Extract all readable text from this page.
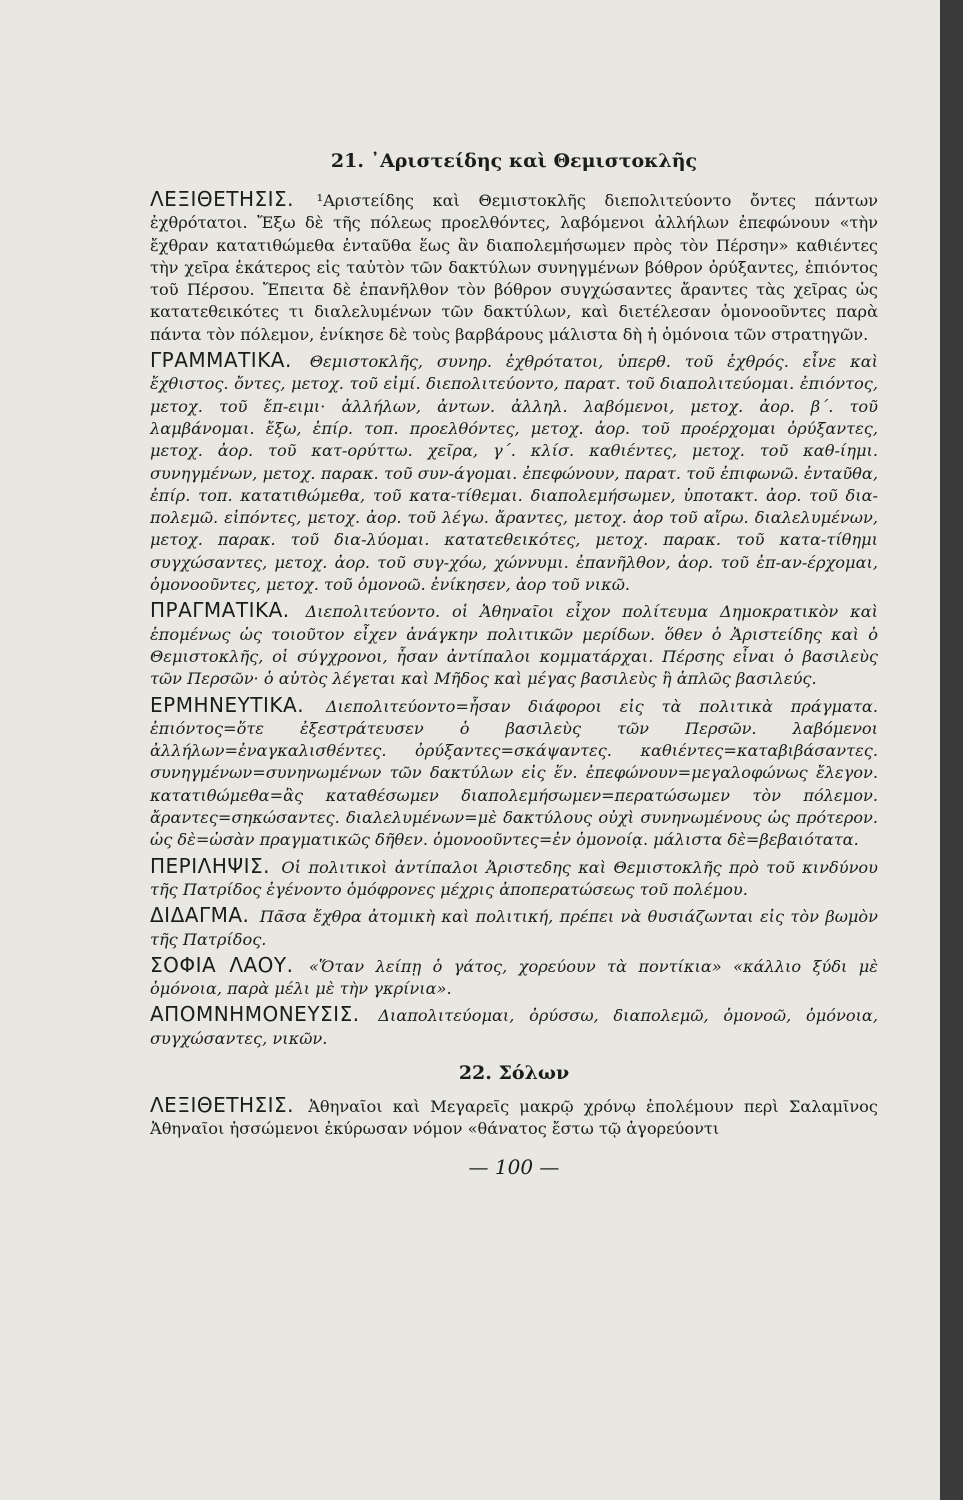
21. ᾿Αριστείδης καὶ Θεμιστοκλῆς

ΛΕΞΙΘΕΤΗΣΙΣ. ¹Αριστείδης καὶ Θεμιστοκλῆς διεπολιτεύοντο ὄντες πάντων ἐχθρότατοι. Ἔξω δὲ τῆς πόλεως προελθόντες, λαβόμενοι ἀλλήλων ἐπεφώνουν «τὴν ἔχθραν κατατιθώμεθα ἐνταῦθα ἕως ἂν διαπολεμήσωμεν πρὸς τὸν Πέρσην» καθιέντες τὴν χεῖρα ἑκάτερος εἰς ταὐτὸν τῶν δακτύλων συνηγμένων βόθρον ὀρύξαντες, ἐπιόντος τοῦ Πέρσου. Ἔπειτα δὲ ἐπανῆλθον τὸν βόθρον συγχώσαντες ἄραντες τὰς χεῖρας ὡς κατατεθεικότες τι διαλελυμένων τῶν δακτύλων, καὶ διετέλεσαν ὁμονοοῦντες παρὰ πάντα τὸν πόλεμον, ἐνίκησε δὲ τοὺς βαρβάρους μάλιστα δὴ ἡ ὁμόνοια τῶν στρατηγῶν.

ΓΡΑΜΜΑΤΙΚΑ. Θεμιστοκλῆς, συνηρ. ἐχθρότατοι, ὑπερθ. τοῦ ἐχθρός. εἶνε καὶ ἔχθιστος. ὄντες, μετοχ. τοῦ εἰμί. διεπολιτεύοντο, παρατ. τοῦ διαπολιτεύομαι. ἐπιόντος, μετοχ. τοῦ ἔπ-ειμι· ἀλλήλων, ἀντων. ἀλληλ. λαβόμενοι, μετοχ. ἀορ. β΄. τοῦ λαμβάνομαι. ἔξω, ἐπίρ. τοπ. προελθόντες, μετοχ. ἀορ. τοῦ προέρχομαι ὀρύξαντες, μετοχ. ἀορ. τοῦ κατ-ορύττω. χεῖρα, γ΄. κλίσ. καθιέντες, μετοχ. τοῦ καθ-ίημι. συνηγμένων, μετοχ. παρακ. τοῦ συν-άγομαι. ἐπεφώνουν, παρατ. τοῦ ἐπιφωνῶ. ἐνταῦθα, ἐπίρ. τοπ. κατατιθώμεθα, τοῦ κατα-τίθεμαι. διαπολεμήσωμεν, ὑποτακτ. ἀορ. τοῦ δια-πολεμῶ. εἰπόντες, μετοχ. ἀορ. τοῦ λέγω. ἄραντες, μετοχ. ἀορ τοῦ αἴρω. διαλελυμένων, μετοχ. παρακ. τοῦ δια-λύομαι. κατατεθεικότες, μετοχ. παρακ. τοῦ κατα-τίθημι συγχώσαντες, μετοχ. ἀορ. τοῦ συγ-χόω, χώννυμι. ἐπανῆλθον, ἀορ. τοῦ ἐπ-αν-έρχομαι, ὁμονοοῦντες, μετοχ. τοῦ ὁμονοῶ. ἐνίκησεν, ἀορ τοῦ νικῶ.

ΠΡΑΓΜΑΤΙΚΑ. Διεπολιτεύοντο. οἱ Ἀθηναῖοι εἶχον πολίτευμα Δημοκρατικὸν καὶ ἑπομένως ὡς τοιοῦτον εἶχεν ἀνάγκην πολιτικῶν μερίδων. ὅθεν ὁ Ἀριστείδης καὶ ὁ Θεμιστοκλῆς, οἱ σύγχρονοι, ἦσαν ἀντίπαλοι κομματάρχαι. Πέρσης εἶναι ὁ βασιλεὺς τῶν Περσῶν· ὁ αὐτὸς λέγεται καὶ Μῆδος καὶ μέγας βασιλεὺς ἢ ἁπλῶς βασιλεύς.

ΕΡΜΗΝΕΥΤΙΚΑ. Διεπολιτεύοντο=ἦσαν διάφοροι εἰς τὰ πολιτικὰ πράγματα. ἐπιόντος=ὅτε ἐξεστράτευσεν ὁ βασιλεὺς τῶν Περσῶν. λαβόμενοι ἀλλήλων=ἐναγκαλισθέντες. ὀρύξαντες=σκάψαντες. καθιέντες=καταβιβάσαντες. συνηγμένων=συνηνωμένων τῶν δακτύλων εἰς ἕν. ἐπεφώνουν=μεγαλοφώνως ἔλεγον. κατατιθώμεθα=ἂς καταθέσωμεν διαπολεμήσωμεν=περατώσωμεν τὸν πόλεμον. ἄραντες=σηκώσαντες. διαλελυμένων=μὲ δακτύλους οὐχὶ συνηνωμένους ὡς πρότερον. ὡς δὲ=ὡσὰν πραγματικῶς δῆθεν. ὁμονοοῦντες=ἐν ὁμονοίᾳ. μάλιστα δὲ=βεβαιότατα.

ΠΕΡΙΛΗΨΙΣ. Οἱ πολιτικοὶ ἀντίπαλοι Ἀριστεδης καὶ Θεμιστοκλῆς πρὸ τοῦ κινδύνου τῆς Πατρίδος ἐγένοντο ὁμόφρονες μέχρις ἀποπερατώσεως τοῦ πολέμου.

ΔΙΔΑΓΜΑ. Πᾶσα ἔχθρα ἀτομικὴ καὶ πολιτική, πρέπει νὰ θυσιάζωνται εἰς τὸν βωμὸν τῆς Πατρίδος.

ΣΟΦΙΑ ΛΑΟΥ. «Ὅταν λείπῃ ὁ γάτος, χορεύουν τὰ ποντίκια» «κάλλιο ξύδι μὲ ὁμόνοια, παρὰ μέλι μὲ τὴν γκρίνια».

ΑΠΟΜΝΗΜΟΝΕΥΣΙΣ. Διαπολιτεύομαι, ὀρύσσω, διαπολεμῶ, ὁμονοῶ, ὁμόνοια, συγχώσαντες, νικῶν.

22. Σόλων

ΛΕΞΙΘΕΤΗΣΙΣ. Ἀθηναῖοι καὶ Μεγαρεῖς μακρῷ χρόνῳ ἐπολέμουν περὶ Σαλαμῖνος Ἀθηναῖοι ἡσσώμενοι ἐκύρωσαν νόμον «θάνατος ἔστω τῷ ἀγορεύοντι

— 100 —
